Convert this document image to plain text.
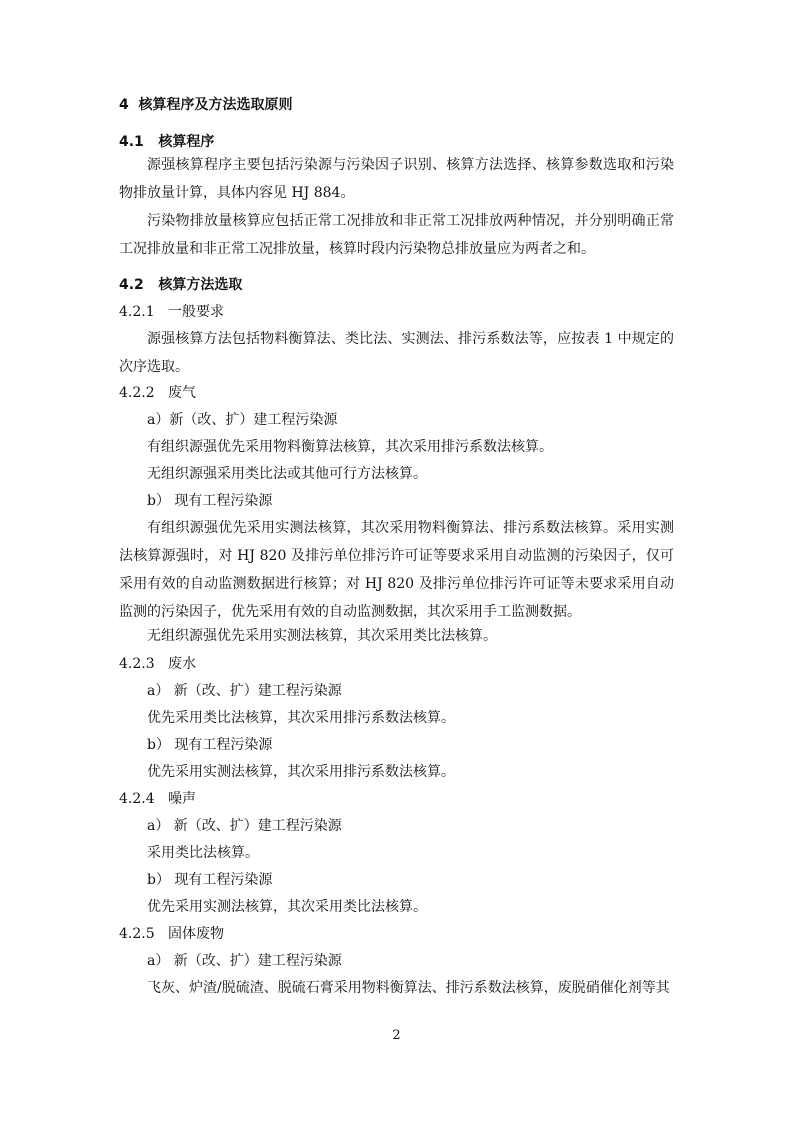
4  核算程序及方法选取原则
4.1   核算程序
源强核算程序主要包括污染源与污染因子识别、核算方法选择、核算参数选取和污染物排放量计算，具体内容见 HJ 884。
污染物排放量核算应包括正常工况排放和非正常工况排放两种情况，并分别明确正常工况排放量和非正常工况排放量，核算时段内污染物总排放量应为两者之和。
4.2   核算方法选取
4.2.1   一般要求
源强核算方法包括物料衡算法、类比法、实测法、排污系数法等，应按表 1 中规定的次序选取。
4.2.2   废气
a）新（改、扩）建工程污染源
有组织源强优先采用物料衡算法核算，其次采用排污系数法核算。
无组织源强采用类比法或其他可行方法核算。
b） 现有工程污染源
有组织源强优先采用实测法核算，其次采用物料衡算法、排污系数法核算。采用实测法核算源强时，对 HJ 820 及排污单位排污许可证等要求采用自动监测的污染因子，仅可采用有效的自动监测数据进行核算；对 HJ 820 及排污单位排污许可证等未要求采用自动监测的污染因子，优先采用有效的自动监测数据，其次采用手工监测数据。
无组织源强优先采用实测法核算，其次采用类比法核算。
4.2.3   废水
a） 新（改、扩）建工程污染源
优先采用类比法核算，其次采用排污系数法核算。
b） 现有工程污染源
优先采用实测法核算，其次采用排污系数法核算。
4.2.4   噪声
a） 新（改、扩）建工程污染源
采用类比法核算。
b） 现有工程污染源
优先采用实测法核算，其次采用类比法核算。
4.2.5   固体废物
a） 新（改、扩）建工程污染源
飞灰、炉渣/脱硫渣、脱硫石膏采用物料衡算法、排污系数法核算，废脱硝催化剂等其
2
